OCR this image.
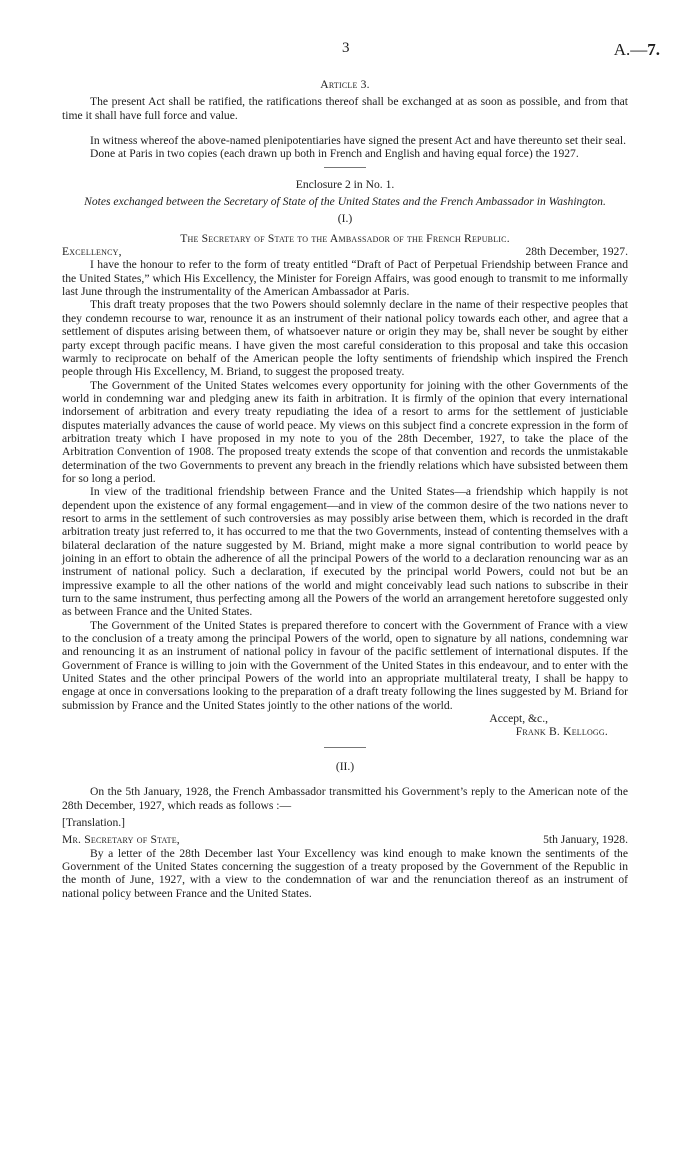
3	A.—7.

Article 3.

The present Act shall be ratified, the ratifications thereof shall be exchanged at as soon as possible, and from that time it shall have full force and value.

In witness whereof the above-named plenipotentiaries have signed the present Act and have thereunto set their seal.

Done at Paris in two copies (each drawn up both in French and English and having equal force) the 1927.

Enclosure 2 in No. 1.

Notes exchanged between the Secretary of State of the United States and the French Ambassador in Washington.

(I.)

The Secretary of State to the Ambassador of the French Republic.

Excellency,	28th December, 1927.

I have the honour to refer to the form of treaty entitled “Draft of Pact of Perpetual Friendship between France and the United States,” which His Excellency, the Minister for Foreign Affairs, was good enough to transmit to me informally last June through the instrumentality of the American Ambassador at Paris.

This draft treaty proposes that the two Powers should solemnly declare in the name of their respective peoples that they condemn recourse to war, renounce it as an instrument of their national policy towards each other, and agree that a settlement of disputes arising between them, of whatsoever nature or origin they may be, shall never be sought by either party except through pacific means. I have given the most careful consideration to this proposal and take this occasion warmly to reciprocate on behalf of the American people the lofty sentiments of friendship which inspired the French people through His Excellency, M. Briand, to suggest the proposed treaty.

The Government of the United States welcomes every opportunity for joining with the other Governments of the world in condemning war and pledging anew its faith in arbitration. It is firmly of the opinion that every international indorsement of arbitration and every treaty repudiating the idea of a resort to arms for the settlement of justiciable disputes materially advances the cause of world peace. My views on this subject find a concrete expression in the form of arbitration treaty which I have proposed in my note to you of the 28th December, 1927, to take the place of the Arbitration Convention of 1908. The proposed treaty extends the scope of that convention and records the unmistakable determination of the two Governments to prevent any breach in the friendly relations which have subsisted between them for so long a period.

In view of the traditional friendship between France and the United States—a friendship which happily is not dependent upon the existence of any formal engagement—and in view of the common desire of the two nations never to resort to arms in the settlement of such controversies as may possibly arise between them, which is recorded in the draft arbitration treaty just referred to, it has occurred to me that the two Governments, instead of contenting themselves with a bilateral declaration of the nature suggested by M. Briand, might make a more signal contribution to world peace by joining in an effort to obtain the adherence of all the principal Powers of the world to a declaration renouncing war as an instrument of national policy. Such a declaration, if executed by the principal world Powers, could not but be an impressive example to all the other nations of the world and might conceivably lead such nations to subscribe in their turn to the same instrument, thus perfecting among all the Powers of the world an arrangement heretofore suggested only as between France and the United States.

The Government of the United States is prepared therefore to concert with the Government of France with a view to the conclusion of a treaty among the principal Powers of the world, open to signature by all nations, condemning war and renouncing it as an instrument of national policy in favour of the pacific settlement of international disputes. If the Government of France is willing to join with the Government of the United States in this endeavour, and to enter with the United States and the other principal Powers of the world into an appropriate multilateral treaty, I shall be happy to engage at once in conversations looking to the preparation of a draft treaty following the lines suggested by M. Briand for submission by France and the United States jointly to the other nations of the world.

Accept, &c.,

Frank B. Kellogg.

(II.)

On the 5th January, 1928, the French Ambassador transmitted his Government’s reply to the American note of the 28th December, 1927, which reads as follows :—

[Translation.]

Mr. Secretary of State,	5th January, 1928.

By a letter of the 28th December last Your Excellency was kind enough to make known the sentiments of the Government of the United States concerning the suggestion of a treaty proposed by the Government of the Republic in the month of June, 1927, with a view to the condemnation of war and the renunciation thereof as an instrument of national policy between France and the United States.
